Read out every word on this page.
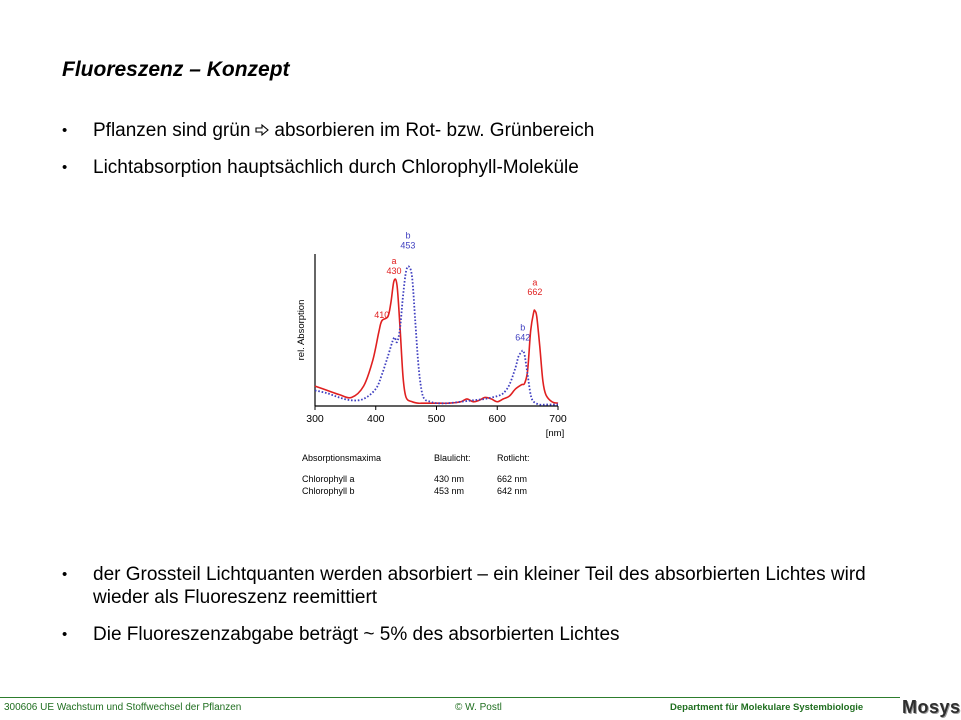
Fluoreszenz – Konzept
• Pflanzen sind grün absorbieren im Rot- bzw. Grünbereich
• Lichtabsorption hauptsächlich durch Chlorophyll-Moleküle
300	400	500	600	700
410
a
430
b
453
b
642
a
662
rel. Absorption
[nm]
Absorptionsmaxima	Blaulicht:	Rotlicht:
Chlorophyll a	430 nm	662 nm
Chlorophyll b	453 nm	642 nm
• der Grossteil Lichtquanten werden absorbiert – ein kleiner Teil des absorbierten Lichtes wird wieder als Fluoreszenz reemittiert
• Die Fluoreszenzabgabe beträgt ~ 5% des absorbierten Lichtes
300606 UE Wachstum und Stoffwechsel der Pflanzen	© W. Postl	Department für Molekulare Systembiologie Mosys
